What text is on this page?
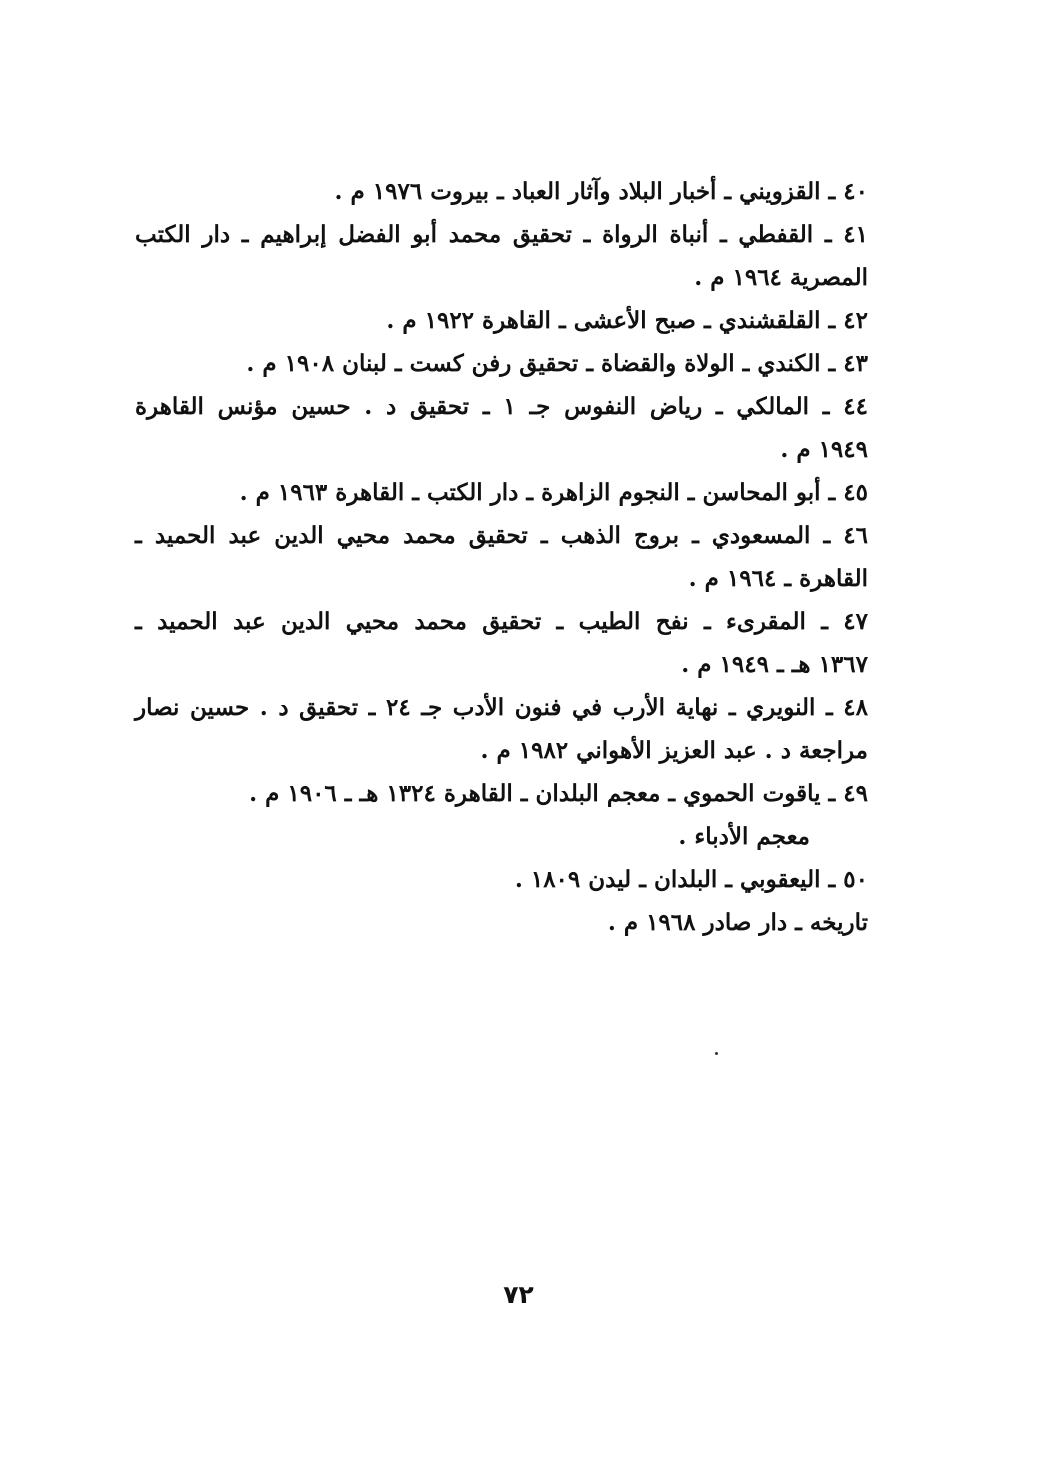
٤٠ ـ القزويني ـ أخبار البلاد وآثار العباد ـ بيروت ١٩٧٦ م .
٤١ ـ القفطي ـ أنباة الرواة ـ تحقيق محمد أبو الفضل إبراهيم ـ دار الكتب
المصرية ١٩٦٤ م .
٤٢ ـ القلقشندي ـ صبح الأعشى ـ القاهرة ١٩٢٢ م .
٤٣ ـ الكندي ـ الولاة والقضاة ـ تحقيق رفن كست ـ لبنان ١٩٠٨ م .
٤٤ ـ المالكي ـ رياض النفوس جـ ١ ـ تحقيق د . حسين مؤنس القاهرة
١٩٤٩ م .
٤٥ ـ أبو المحاسن ـ النجوم الزاهرة ـ دار الكتب ـ القاهرة ١٩٦٣ م .
٤٦ ـ المسعودي ـ بروج الذهب ـ تحقيق محمد محيي الدين عبد الحميد ـ
القاهرة ـ ١٩٦٤ م .
٤٧ ـ المقرىء ـ نفح الطيب ـ تحقيق محمد محيي الدين عبد الحميد ـ
١٣٦٧ هـ ـ ١٩٤٩ م .
٤٨ ـ النويري ـ نهاية الأرب في فنون الأدب جـ ٢٤ ـ تحقيق د . حسين نصار
مراجعة د . عبد العزيز الأهواني ١٩٨٢ م .
٤٩ ـ ياقوت الحموي ـ معجم البلدان ـ القاهرة ١٣٢٤ هـ ـ ١٩٠٦ م .
معجم الأدباء .
٥٠ ـ اليعقوبي ـ البلدان ـ ليدن ١٨٠٩ .
تاريخه ـ دار صادر ١٩٦٨ م .
٧٢
